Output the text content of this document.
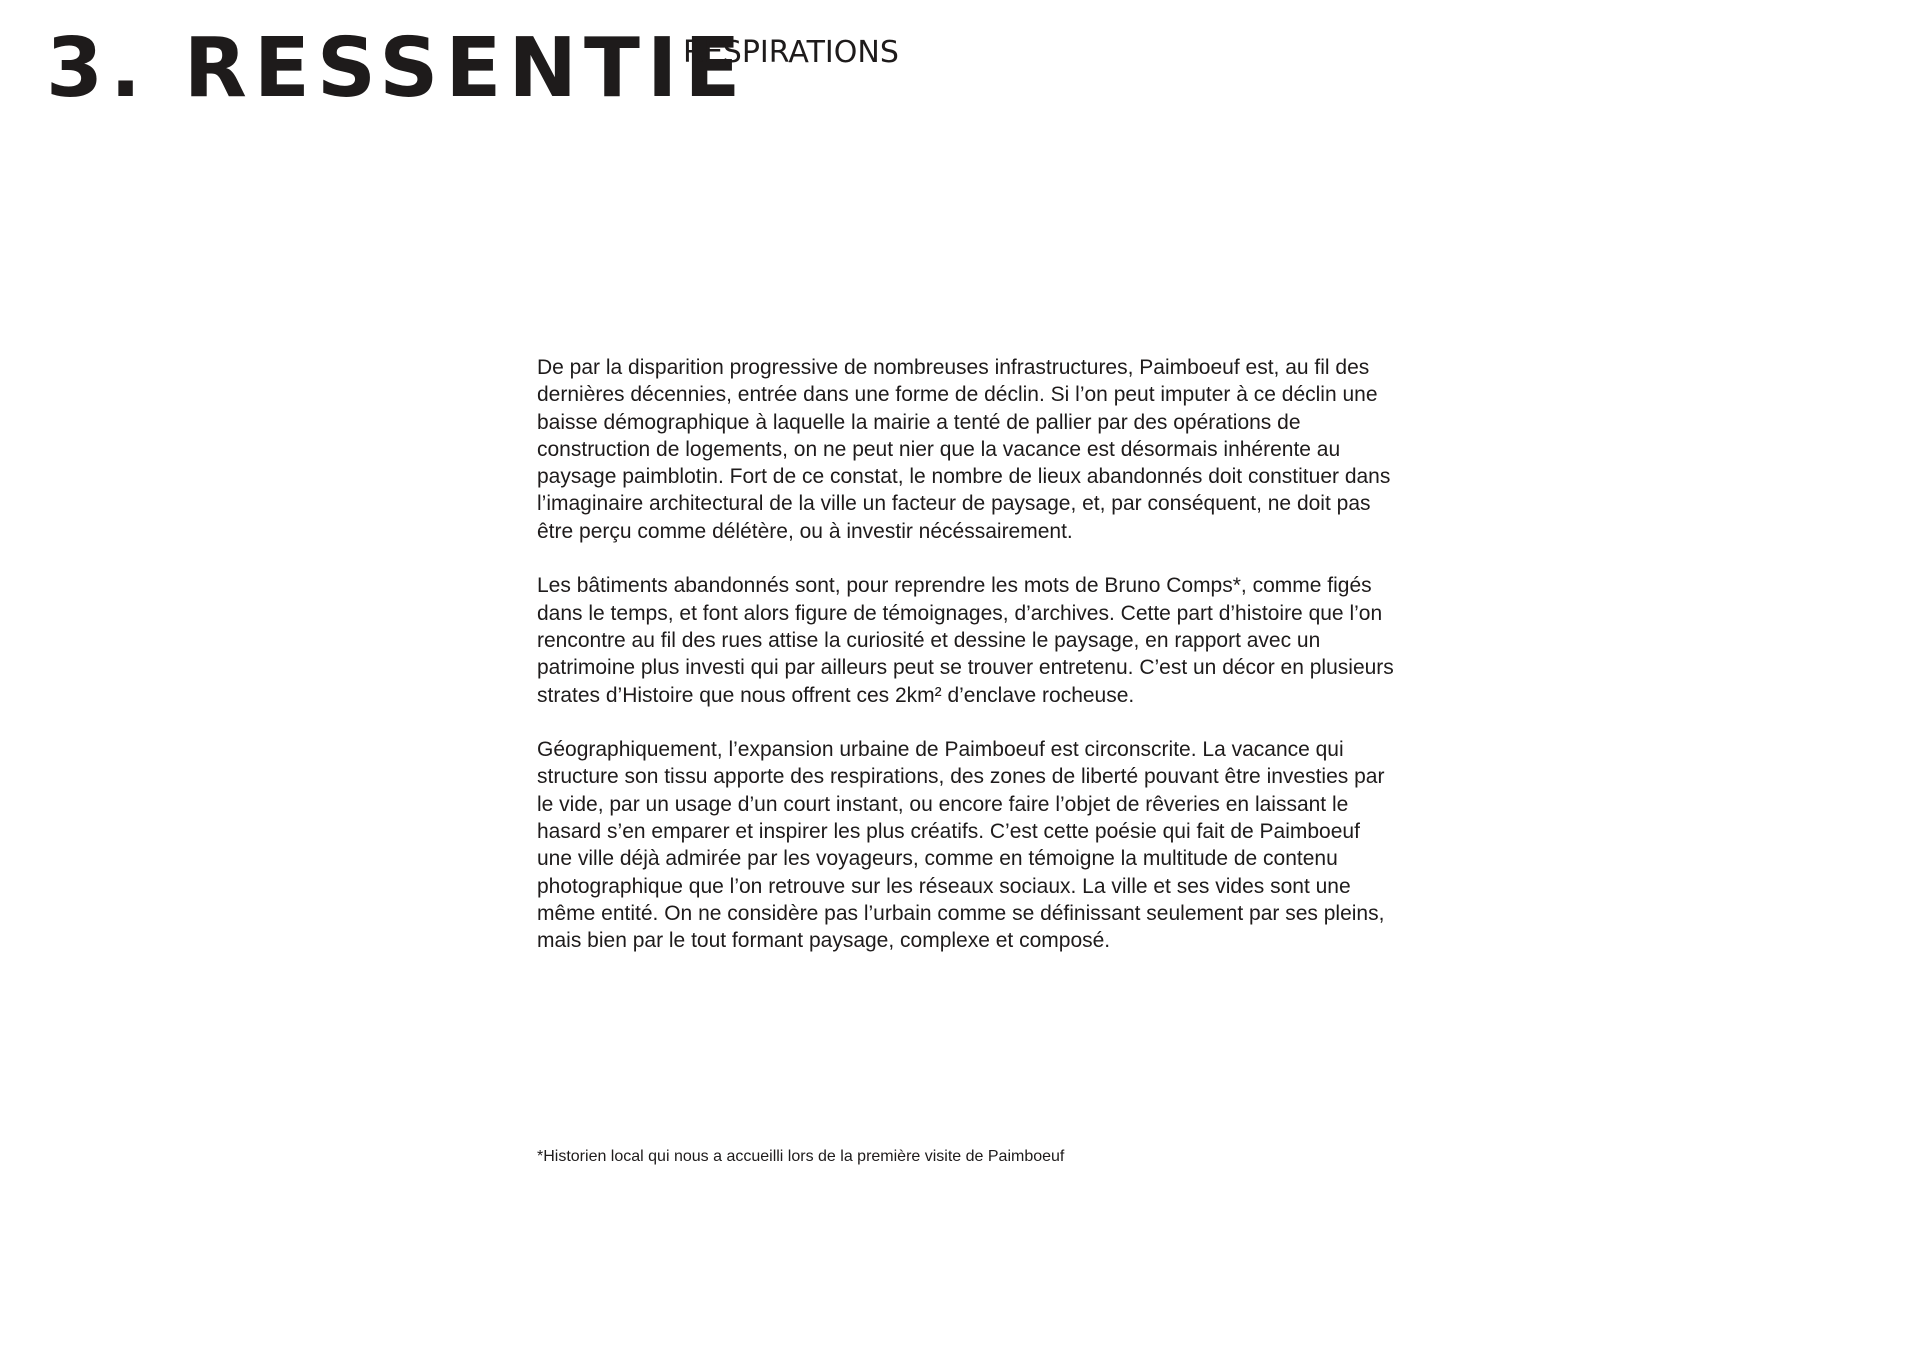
3. RESSENTIE
RESPIRATIONS

De par la disparition progressive de nombreuses infrastructures, Paimboeuf est, au fil des dernières décennies, entrée dans une forme de déclin. Si l’on peut imputer à ce déclin une baisse démographique à laquelle la mairie a tenté de pallier par des opérations de construction de logements, on ne peut nier que la vacance est désormais inhérente au paysage paimblotin. Fort de ce constat, le nombre de lieux abandonnés doit constituer dans l’imaginaire architectural de la ville un facteur de paysage, et, par conséquent, ne doit pas être perçu comme délétère, ou à investir nécéssairement.

Les bâtiments abandonnés sont, pour reprendre les mots de Bruno Comps*, comme figés dans le temps, et font alors figure de témoignages, d’archives. Cette part d’histoire que l’on rencontre au fil des rues attise la curiosité et dessine le paysage, en rapport avec un patrimoine plus investi qui par ailleurs peut se trouver entretenu. C’est un décor en plusieurs strates d’Histoire que nous offrent ces 2km² d’enclave rocheuse.

Géographiquement, l’expansion urbaine de Paimboeuf est circonscrite. La vacance qui structure son tissu apporte des respirations, des zones de liberté pouvant être investies par le vide, par un usage d’un court instant, ou encore faire l’objet de rêveries en laissant le hasard s’en emparer et inspirer les plus créatifs. C’est cette poésie qui fait de Paimboeuf une ville déjà admirée par les voyageurs, comme en témoigne la multitude de contenu photographique que l’on retrouve sur les réseaux sociaux. La ville et ses vides sont une même entité. On ne considère pas l’urbain comme se définissant seulement par ses pleins, mais bien par le tout formant paysage, complexe et composé.

*Historien local qui nous a accueilli lors de la première visite de Paimboeuf
